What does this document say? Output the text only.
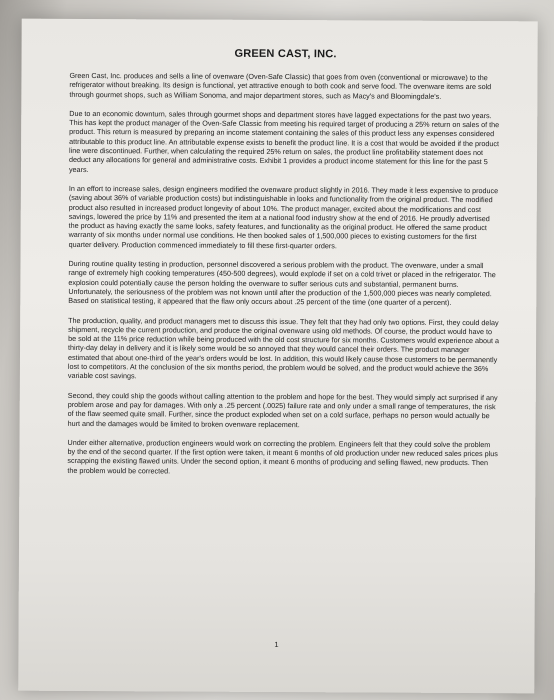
GREEN CAST, INC.

Green Cast, Inc. produces and sells a line of ovenware (Oven-Safe Classic) that goes from oven (conventional or microwave) to the refrigerator without breaking. Its design is functional, yet attractive enough to both cook and serve food. The ovenware items are sold through gourmet shops, such as William Sonoma, and major department stores, such as Macy's and Bloomingdale's.

Due to an economic downturn, sales through gourmet shops and department stores have lagged expectations for the past two years. This has kept the product manager of the Oven-Safe Classic from meeting his required target of producing a 25% return on sales of the product. This return is measured by preparing an income statement containing the sales of this product less any expenses considered attributable to this product line. An attributable expense exists to benefit the product line. It is a cost that would be avoided if the product line were discontinued. Further, when calculating the required 25% return on sales, the product line profitability statement does not deduct any allocations for general and administrative costs. Exhibit 1 provides a product income statement for this line for the past 5 years.

In an effort to increase sales, design engineers modified the ovenware product slightly in 2016. They made it less expensive to produce (saving about 36% of variable production costs) but indistinguishable in looks and functionality from the original product. The modified product also resulted in increased product longevity of about 10%. The product manager, excited about the modifications and cost savings, lowered the price by 11% and presented the item at a national food industry show at the end of 2016. He proudly advertised the product as having exactly the same looks, safety features, and functionality as the original product. He offered the same product warranty of six months under normal use conditions. He then booked sales of 1,500,000 pieces to existing customers for the first quarter delivery. Production commenced immediately to fill these first-quarter orders.

During routine quality testing in production, personnel discovered a serious problem with the product. The ovenware, under a small range of extremely high cooking temperatures (450-500 degrees), would explode if set on a cold trivet or placed in the refrigerator. The explosion could potentially cause the person holding the ovenware to suffer serious cuts and substantial, permanent burns. Unfortunately, the seriousness of the problem was not known until after the production of the 1,500,000 pieces was nearly completed. Based on statistical testing, it appeared that the flaw only occurs about .25 percent of the time (one quarter of a percent).

The production, quality, and product managers met to discuss this issue. They felt that they had only two options. First, they could delay shipment, recycle the current production, and produce the original ovenware using old methods. Of course, the product would have to be sold at the 11% price reduction while being produced with the old cost structure for six months. Customers would experience about a thirty-day delay in delivery and it is likely some would be so annoyed that they would cancel their orders. The product manager estimated that about one-third of the year's orders would be lost. In addition, this would likely cause those customers to be permanently lost to competitors. At the conclusion of the six months period, the problem would be solved, and the product would achieve the 36% variable cost savings.

Second, they could ship the goods without calling attention to the problem and hope for the best. They would simply act surprised if any problem arose and pay for damages. With only a .25 percent (.0025) failure rate and only under a small range of temperatures, the risk of the flaw seemed quite small. Further, since the product exploded when set on a cold surface, perhaps no person would actually be hurt and the damages would be limited to broken ovenware replacement.

Under either alternative, production engineers would work on correcting the problem. Engineers felt that they could solve the problem by the end of the second quarter. If the first option were taken, it meant 6 months of old production under new reduced sales prices plus scrapping the existing flawed units. Under the second option, it meant 6 months of producing and selling flawed, new products. Then the problem would be corrected.

1
